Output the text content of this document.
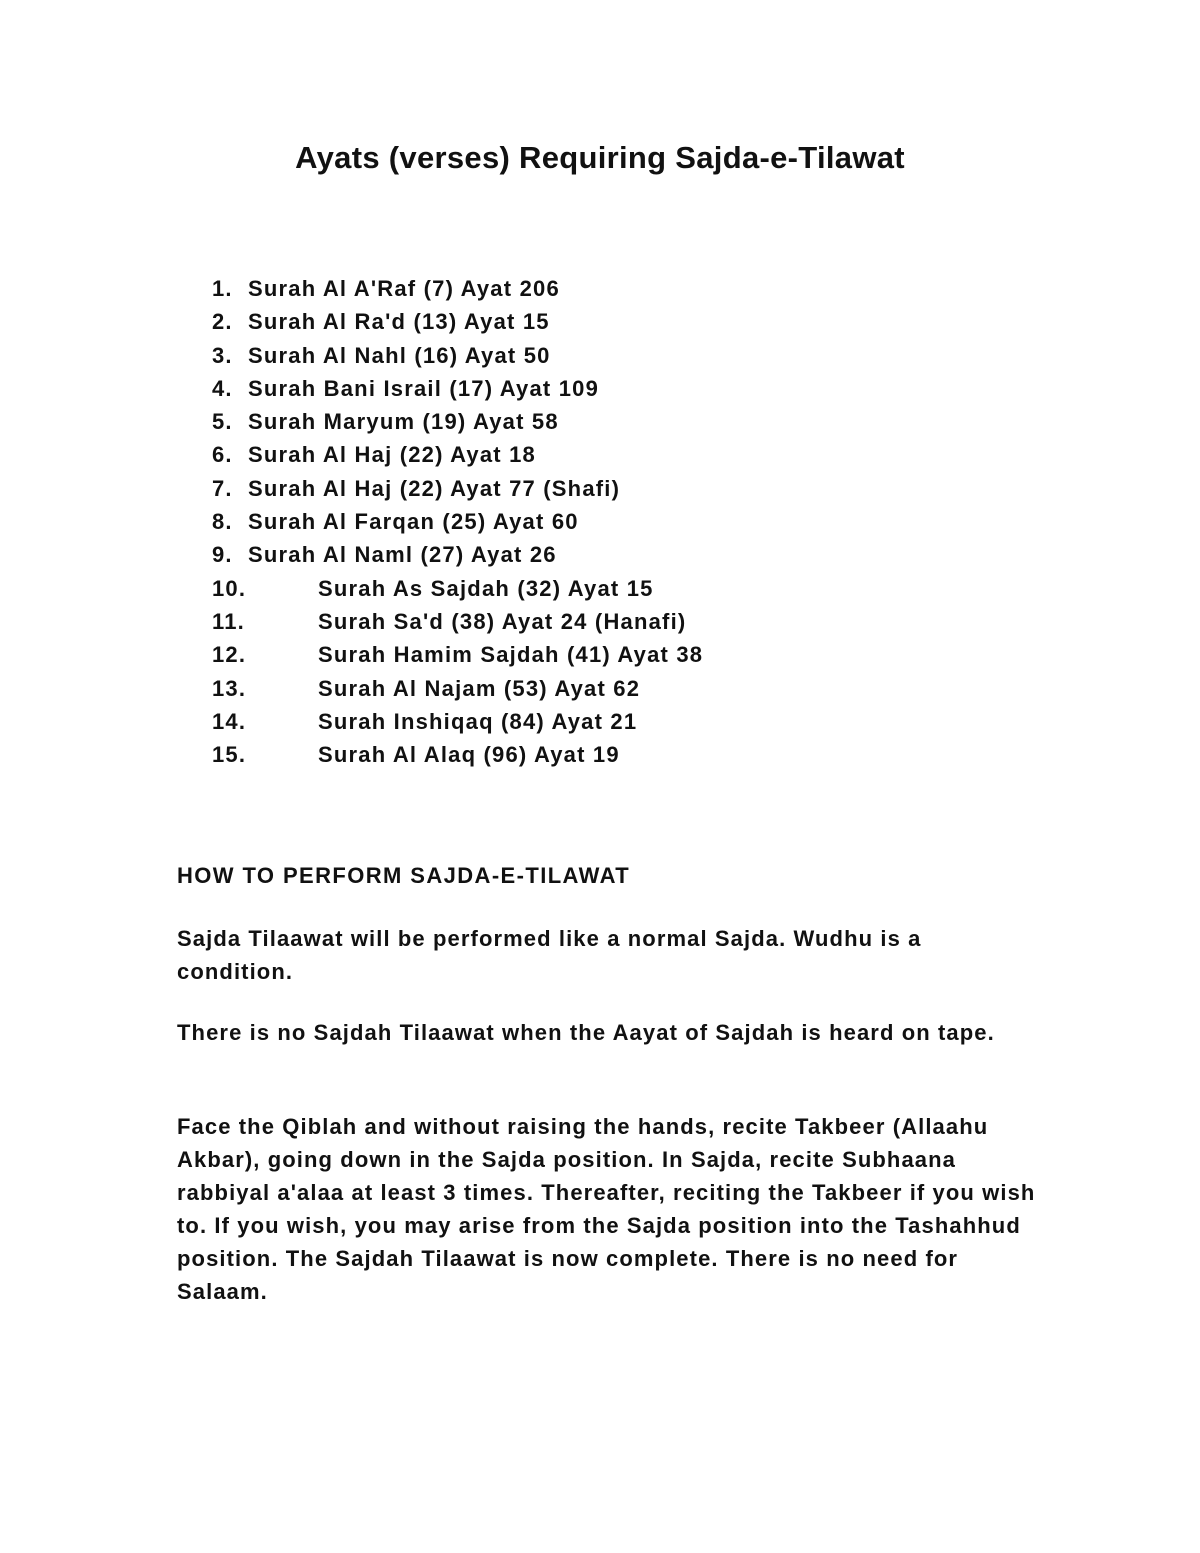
Ayats (verses) Requiring Sajda-e-Tilawat
1. Surah Al A'Raf (7) Ayat 206
2. Surah Al Ra'd (13) Ayat 15
3. Surah Al Nahl (16) Ayat 50
4. Surah Bani Israil (17) Ayat 109
5. Surah Maryum (19) Ayat 58
6. Surah Al Haj (22) Ayat 18
7. Surah Al Haj (22) Ayat 77 (Shafi)
8. Surah Al Farqan (25) Ayat 60
9. Surah Al Naml (27) Ayat 26
10.	Surah As Sajdah (32) Ayat 15
11.	Surah Sa'd (38) Ayat 24 (Hanafi)
12.	Surah Hamim Sajdah (41) Ayat 38
13.	Surah Al Najam (53) Ayat 62
14.	Surah Inshiqaq (84) Ayat 21
15.	Surah Al Alaq (96) Ayat 19
HOW TO PERFORM SAJDA-E-TILAWAT

Sajda Tilaawat will be performed like a normal Sajda. Wudhu is a condition.

There is no Sajdah Tilaawat when the Aayat of Sajdah is heard on tape.

Face the Qiblah and without raising the hands, recite Takbeer (Allaahu Akbar), going down in the Sajda position. In Sajda, recite Subhaana rabbiyal a'alaa at least 3 times. Thereafter, reciting the Takbeer if you wish to. If you wish, you may arise from the Sajda position into the Tashahhud position. The Sajdah Tilaawat is now complete. There is no need for Salaam.
